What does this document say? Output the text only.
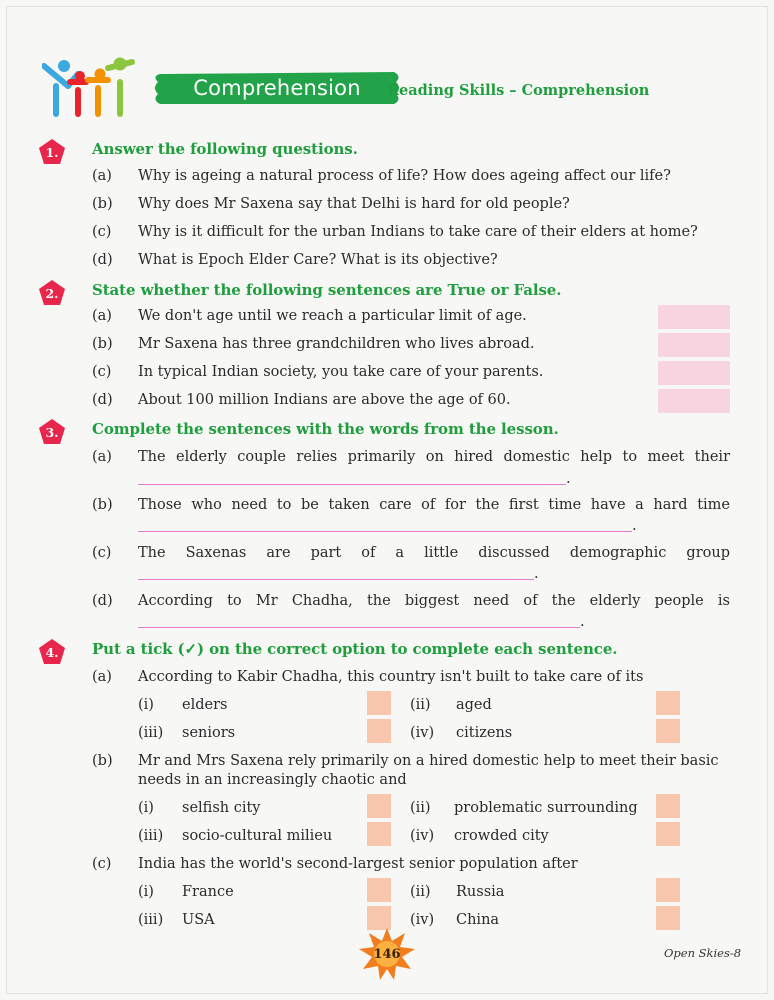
Comprehension	Reading Skills – Comprehension
1.	Answer the following questions.
(a) Why is ageing a natural process of life? How does ageing affect our life?
(b) Why does Mr Saxena say that Delhi is hard for old people?
(c) Why is it difficult for the urban Indians to take care of their elders at home?
(d) What is Epoch Elder Care? What is its objective?
2.	State whether the following sentences are True or False.
(a) We don't age until we reach a particular limit of age.
(b) Mr Saxena has three grandchildren who lives abroad.
(c) In typical Indian society, you take care of your parents.
(d) About 100 million Indians are above the age of 60.
3.	Complete the sentences with the words from the lesson.
(a) The elderly couple relies primarily on hired domestic help to meet their
.
(b) Those who need to be taken care of for the first time have a hard time
.
(c) The Saxenas are part of a little discussed demographic group
.
(d) According to Mr Chadha, the biggest need of the elderly people is
.
4.	Put a tick (✓) on the correct option to complete each sentence.
(a) According to Kabir Chadha, this country isn't built to take care of its
(i) elders	(ii) aged
(iii) seniors	(iv) citizens
(b) Mr and Mrs Saxena rely primarily on a hired domestic help to meet their basic
needs in an increasingly chaotic and
(i) selfish city	(ii) problematic surrounding
(iii) socio-cultural milieu	(iv) crowded city
(c) India has the world's second-largest senior population after
(i) France	(ii) Russia
(iii) USA	(iv) China
146	Open Skies-8
